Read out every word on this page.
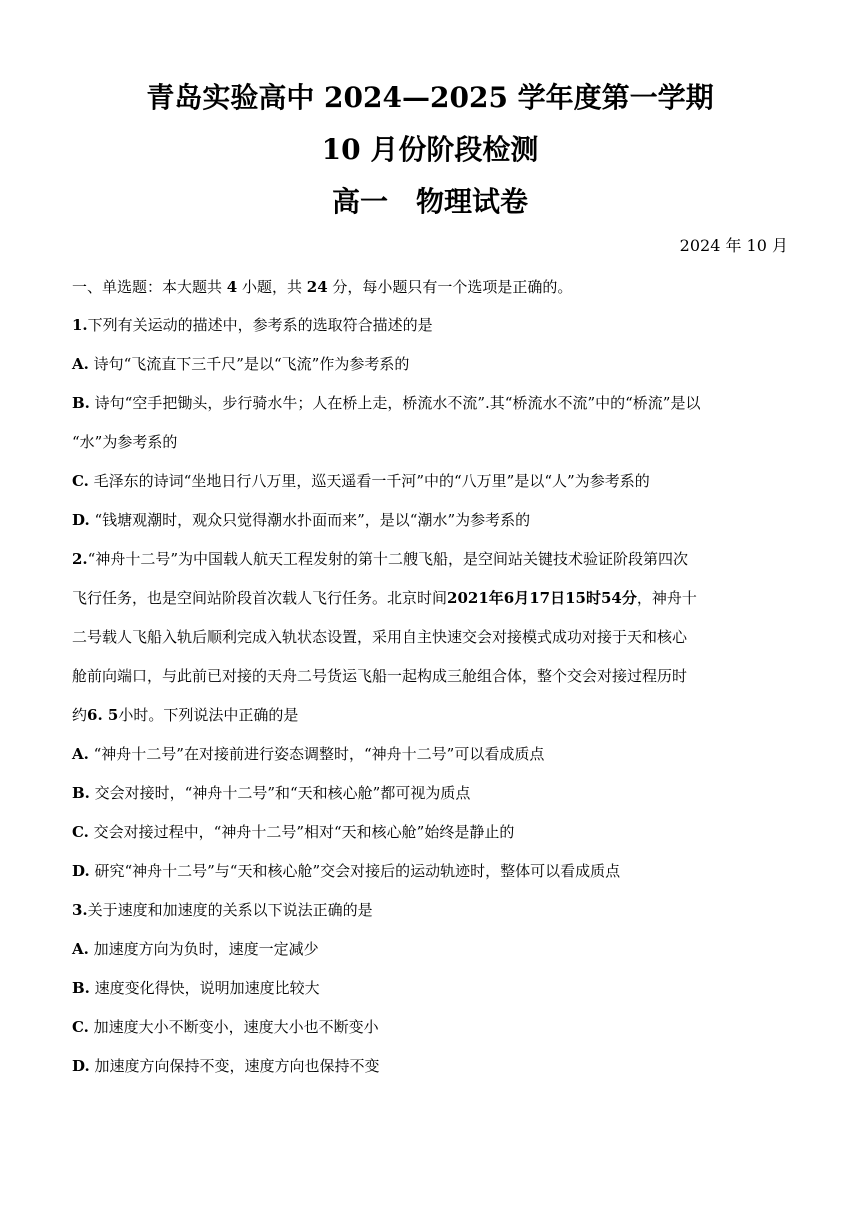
青岛实验高中 2024—2025 学年度第一学期
10 月份阶段检测
高一　物理试卷
2024 年 10 月
一、单选题：本大题共 4 小题，共 24 分，每小题只有一个选项是正确的。
1.下列有关运动的描述中，参考系的选取符合描述的是
A. 诗句“飞流直下三千尺”是以“飞流”作为参考系的
B. 诗句“空手把锄头，步行骑水牛；人在桥上走，桥流水不流”.其“桥流水不流”中的“桥流”是以
“水”为参考系的
C. 毛泽东的诗词“坐地日行八万里，巡天遥看一千河”中的“八万里”是以“人”为参考系的
D. “钱塘观潮时，观众只觉得潮水扑面而来”，是以“潮水”为参考系的
2.“神舟十二号”为中国载人航天工程发射的第十二艘飞船，是空间站关键技术验证阶段第四次
飞行任务，也是空间站阶段首次载人飞行任务。北京时间2021年6月17日15时54分，神舟十
二号载人飞船入轨后顺利完成入轨状态设置，采用自主快速交会对接模式成功对接于天和核心
舱前向端口，与此前已对接的天舟二号货运飞船一起构成三舱组合体，整个交会对接过程历时
约6. 5小时。下列说法中正确的是
A. “神舟十二号”在对接前进行姿态调整时，“神舟十二号”可以看成质点
B. 交会对接时，“神舟十二号”和“天和核心舱”都可视为质点
C. 交会对接过程中，“神舟十二号”相对“天和核心舱”始终是静止的
D. 研究“神舟十二号”与“天和核心舱”交会对接后的运动轨迹时，整体可以看成质点
3.关于速度和加速度的关系以下说法正确的是
A. 加速度方向为负时，速度一定减少
B. 速度变化得快，说明加速度比较大
C. 加速度大小不断变小，速度大小也不断变小
D. 加速度方向保持不变，速度方向也保持不变
